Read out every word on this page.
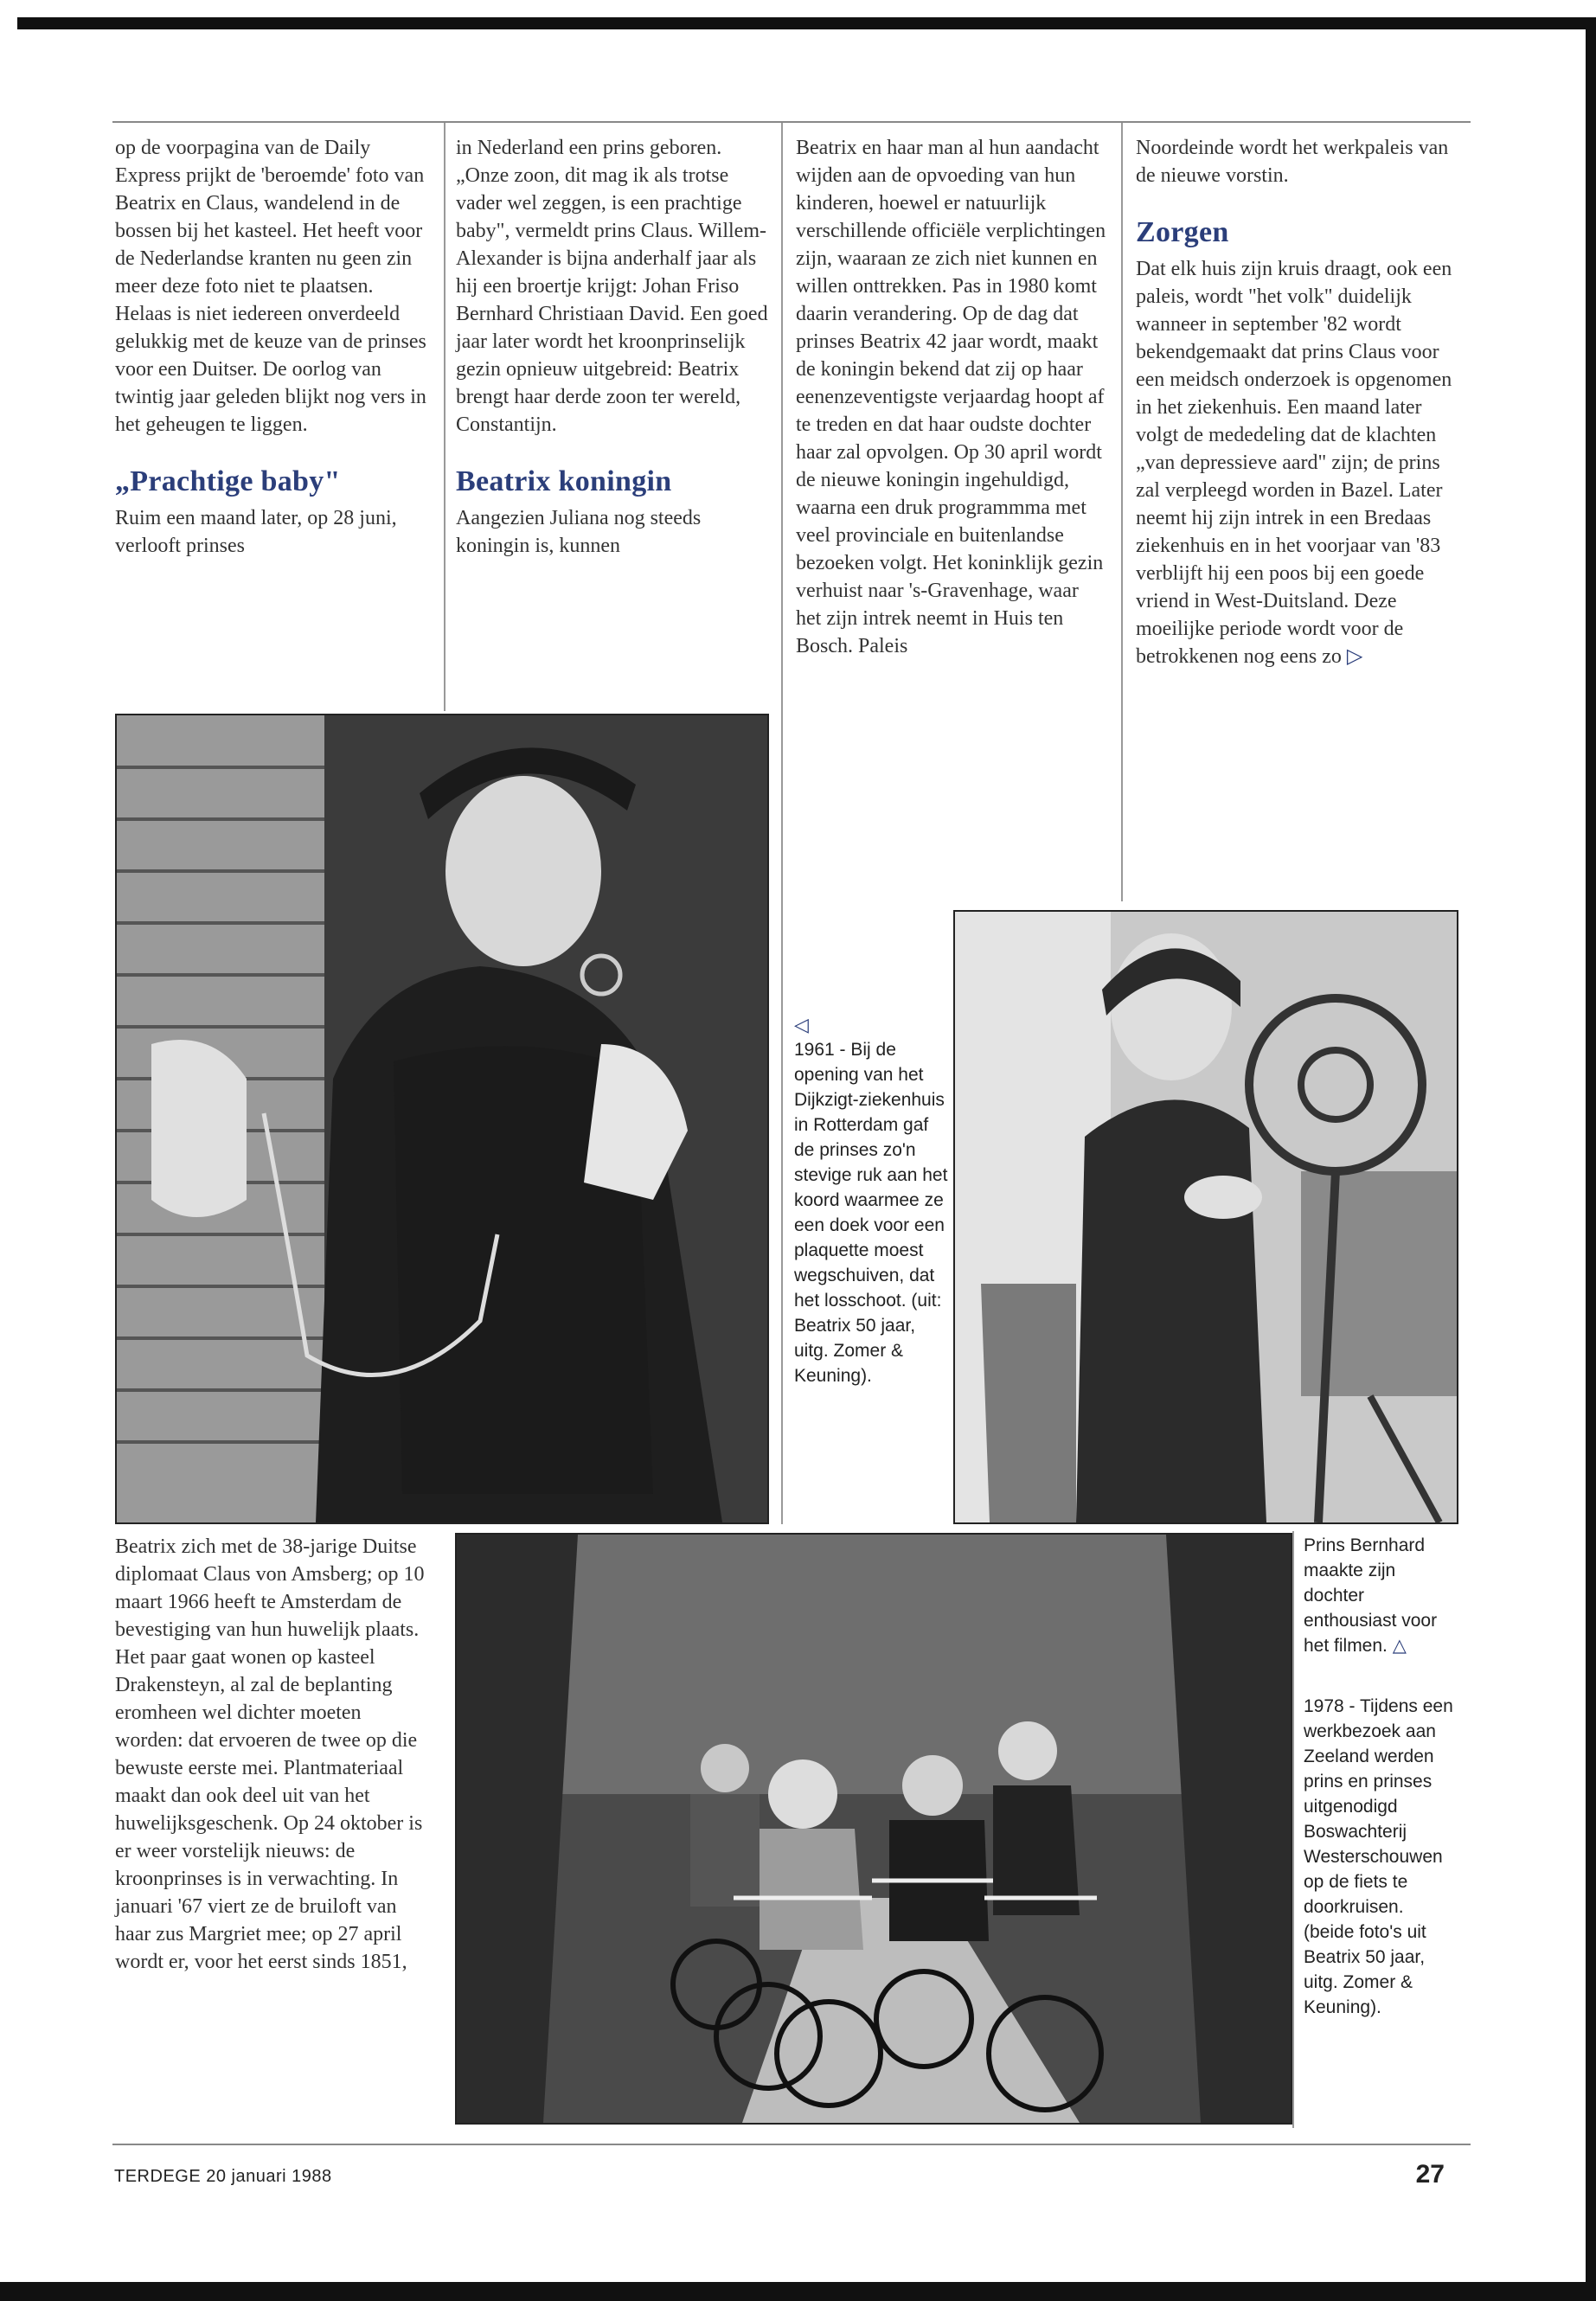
op de voorpagina van de Daily Express prijkt de 'beroemde' foto van Beatrix en Claus, wandelend in de bossen bij het kasteel. Het heeft voor de Nederlandse kranten nu geen zin meer deze foto niet te plaatsen. Helaas is niet iedereen onverdeeld gelukkig met de keuze van de prinses voor een Duitser. De oorlog van twintig jaar geleden blijkt nog vers in het geheugen te liggen.

„Prachtige baby"

Ruim een maand later, op 28 juni, verlooft prinses

in Nederland een prins geboren. „Onze zoon, dit mag ik als trotse vader wel zeggen, is een prachtige baby", vermeldt prins Claus. Willem-Alexander is bijna anderhalf jaar als hij een broertje krijgt: Johan Friso Bernhard Christiaan David. Een goed jaar later wordt het kroonprinselijk gezin opnieuw uitgebreid: Beatrix brengt haar derde zoon ter wereld, Constantijn.

Beatrix koningin

Aangezien Juliana nog steeds koningin is, kunnen

Beatrix en haar man al hun aandacht wijden aan de opvoeding van hun kinderen, hoewel er natuurlijk verschillende officiële verplichtingen zijn, waaraan ze zich niet kunnen en willen onttrekken. Pas in 1980 komt daarin verandering. Op de dag dat prinses Beatrix 42 jaar wordt, maakt de koningin bekend dat zij op haar eenenzeventigste verjaardag hoopt af te treden en dat haar oudste dochter haar zal opvolgen. Op 30 april wordt de nieuwe koningin ingehuldigd, waarna een druk programmma met veel provinciale en buitenlandse bezoeken volgt. Het koninklijk gezin verhuist naar 's-Gravenhage, waar het zijn intrek neemt in Huis ten Bosch. Paleis

Noordeinde wordt het werkpaleis van de nieuwe vorstin.

Zorgen

Dat elk huis zijn kruis draagt, ook een paleis, wordt "het volk" duidelijk wanneer in september '82 wordt bekendgemaakt dat prins Claus voor een meidsch onderzoek is opgenomen in het ziekenhuis. Een maand later volgt de mededeling dat de klachten „van depressieve aard" zijn; de prins zal verpleegd worden in Bazel. Later neemt hij zijn intrek in een Bredaas ziekenhuis en in het voorjaar van '83 verblijft hij een poos bij een goede vriend in West-Duitsland. Deze moeilijke periode wordt voor de betrokkenen nog eens zo ▷

◁
1961 - Bij de opening van het Dijkzigt-ziekenhuis in Rotterdam gaf de prinses zo'n stevige ruk aan het koord waarmee ze een doek voor een plaquette moest wegschuiven, dat het losschoot. (uit: Beatrix 50 jaar, uitg. Zomer & Keuning).

Beatrix zich met de 38-jarige Duitse diplomaat Claus von Amsberg; op 10 maart 1966 heeft te Amsterdam de bevestiging van hun huwelijk plaats. Het paar gaat wonen op kasteel Drakensteyn, al zal de beplanting eromheen wel dichter moeten worden: dat ervoeren de twee op die bewuste eerste mei. Plantmateriaal maakt dan ook deel uit van het huwelijksgeschenk. Op 24 oktober is er weer vorstelijk nieuws: de kroonprinses is in verwachting. In januari '67 viert ze de bruiloft van haar zus Margriet mee; op 27 april wordt er, voor het eerst sinds 1851,

Prins Bernhard maakte zijn dochter enthousiast voor het filmen. △
1978 - Tijdens een werkbezoek aan Zeeland werden prins en prinses uitgenodigd Boswachterij Westerschouwen op de fiets te doorkruisen. (beide foto's uit Beatrix 50 jaar, uitg. Zomer & Keuning).
TERDEGE 20 januari 1988	27
